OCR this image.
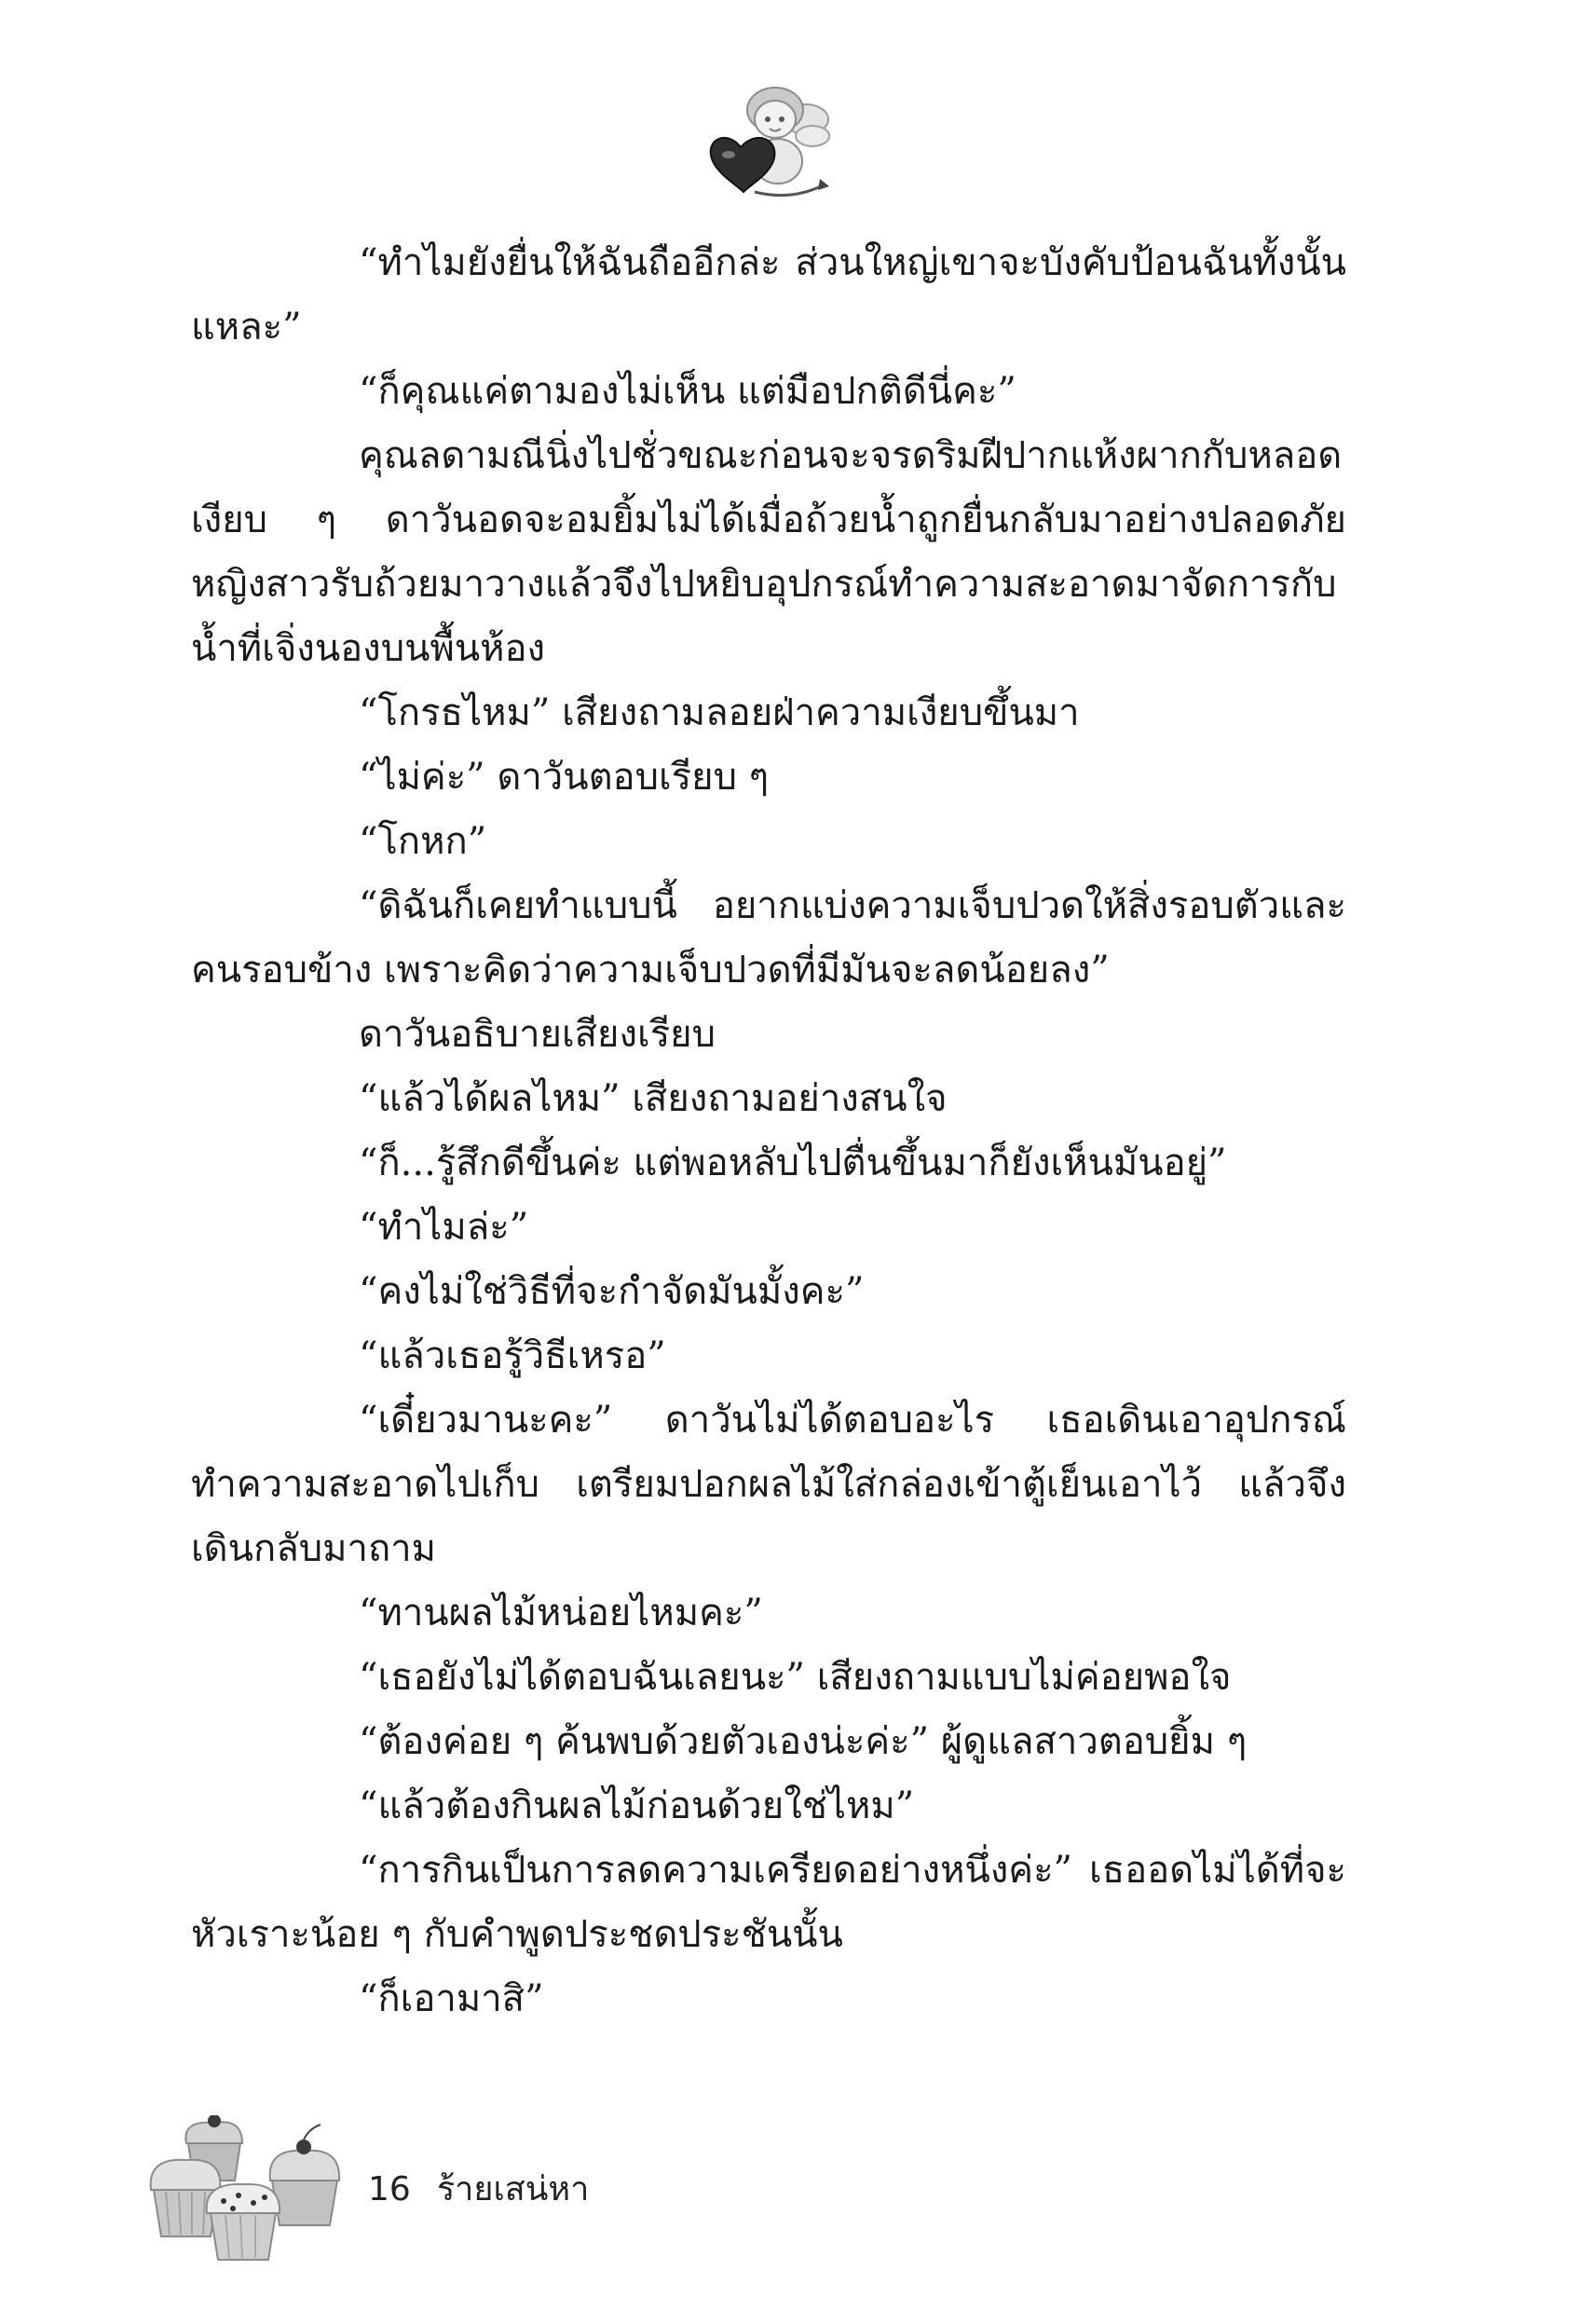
“ทำไมยังยื่นให้ฉันถืออีกล่ะ ส่วนใหญ่เขาจะบังคับป้อนฉันทั้งนั้นแหละ”

“ก็คุณแค่ตามองไม่เห็น แต่มือปกติดีนี่คะ”

คุณลดามณีนิ่งไปชั่วขณะก่อนจะจรดริมฝีปากแห้งผากกับหลอดเงียบ ๆ ดาวันอดจะอมยิ้มไม่ได้เมื่อถ้วยน้ำถูกยื่นกลับมาอย่างปลอดภัย หญิงสาวรับถ้วยมาวางแล้วจึงไปหยิบอุปกรณ์ทำความสะอาดมาจัดการกับน้ำที่เจิ่งนองบนพื้นห้อง

“โกรธไหม” เสียงถามลอยฝ่าความเงียบขึ้นมา

“ไม่ค่ะ” ดาวันตอบเรียบ ๆ

“โกหก”

“ดิฉันก็เคยทำแบบนี้ อยากแบ่งความเจ็บปวดให้สิ่งรอบตัวและคนรอบข้าง เพราะคิดว่าความเจ็บปวดที่มีมันจะลดน้อยลง”

ดาวันอธิบายเสียงเรียบ

“แล้วได้ผลไหม” เสียงถามอย่างสนใจ

“ก็...รู้สึกดีขึ้นค่ะ แต่พอหลับไปตื่นขึ้นมาก็ยังเห็นมันอยู่”

“ทำไมล่ะ”

“คงไม่ใช่วิธีที่จะกำจัดมันมั้งคะ”

“แล้วเธอรู้วิธีเหรอ”

“เดี๋ยวมานะคะ” ดาวันไม่ได้ตอบอะไร เธอเดินเอาอุปกรณ์ทำความสะอาดไปเก็บ เตรียมปอกผลไม้ใส่กล่องเข้าตู้เย็นเอาไว้ แล้วจึงเดินกลับมาถาม

“ทานผลไม้หน่อยไหมคะ”

“เธอยังไม่ได้ตอบฉันเลยนะ” เสียงถามแบบไม่ค่อยพอใจ

“ต้องค่อย ๆ ค้นพบด้วยตัวเองน่ะค่ะ” ผู้ดูแลสาวตอบยิ้ม ๆ

“แล้วต้องกินผลไม้ก่อนด้วยใช่ไหม”

“การกินเป็นการลดความเครียดอย่างหนึ่งค่ะ” เธออดไม่ได้ที่จะหัวเราะน้อย ๆ กับคำพูดประชดประชันนั้น

“ก็เอามาสิ”

16 ร้ายเสน่หา
